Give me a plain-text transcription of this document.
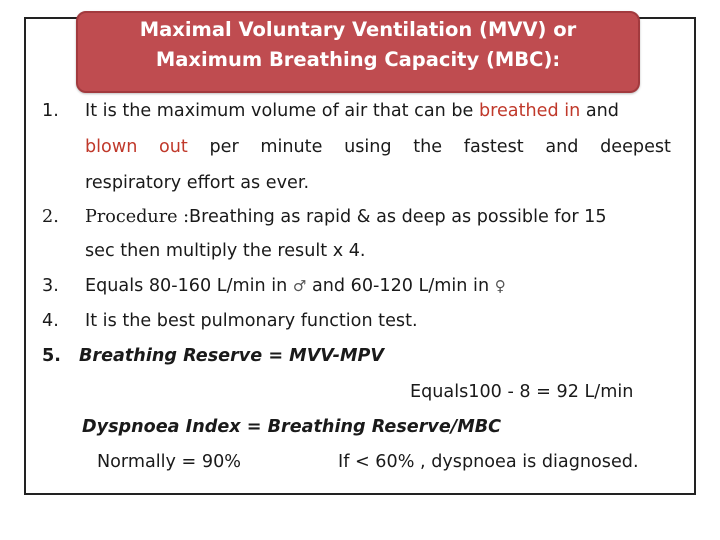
Maximal Voluntary Ventilation (MVV) or
Maximum Breathing Capacity (MBC):
1. It is the maximum volume of air that can be breathed in and
blown out per minute using the fastest and deepest
respiratory effort as ever.
2. Procedure :Breathing as rapid & as deep as possible for 15
sec then multiply the result x 4.
3. Equals 80-160 L/min in ♂ and 60-120 L/min in ♀
4. It is the best pulmonary function test.
5. Breathing Reserve = MVV-MPV
Equals100 - 8 = 92 L/min
Dyspnoea Index = Breathing Reserve/MBC
Normally = 90%	If < 60% , dyspnoea is diagnosed.
